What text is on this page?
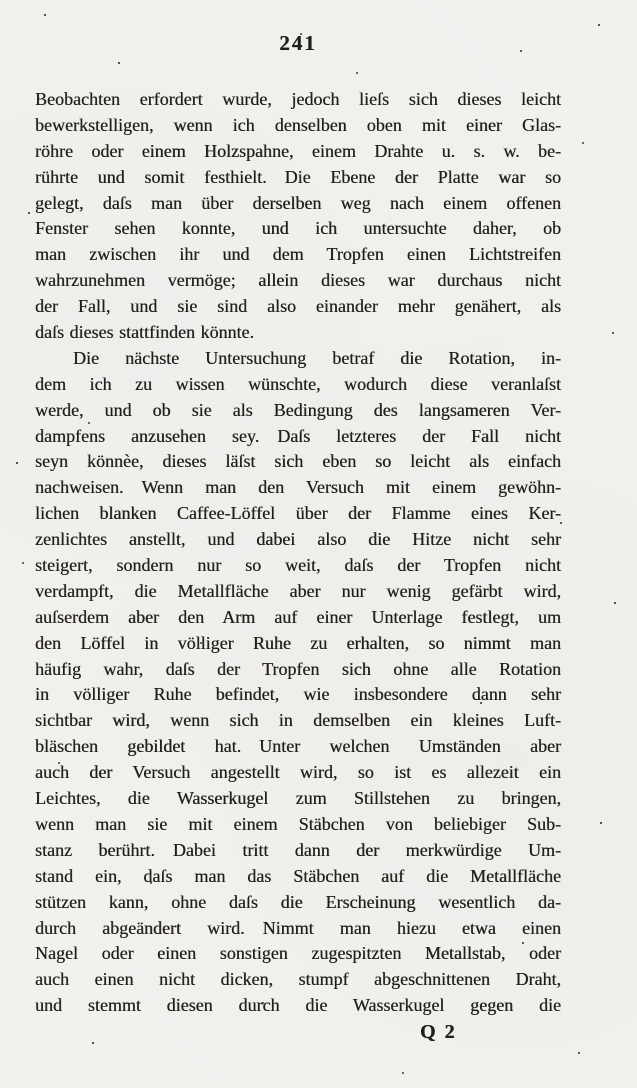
241
Beobachten erfordert wurde, jedoch lieſs sich dieses leicht
bewerkstelligen, wenn ich denselben oben mit einer Glas-
röhre oder einem Holzspahne, einem Drahte u. s. w. be-
rührte und somit festhielt. Die Ebene der Platte war so
gelegt, daſs man über derselben weg nach einem offenen
Fenster sehen konnte, und ich untersuchte daher, ob
man zwischen ihr und dem Tropfen einen Lichtstreifen
wahrzunehmen vermöge; allein dieses war durchaus nicht
der Fall, und sie sind also einander mehr genähert, als
daſs dieses stattfinden könnte.
Die nächste Untersuchung betraf die Rotation, in-
dem ich zu wissen wünschte, wodurch diese veranlaſst
werde, und ob sie als Bedingung des langsameren Ver-
dampfens anzusehen sey. Daſs letzteres der Fall nicht
seyn könnèe, dieses läſst sich eben so leicht als einfach
nachweisen. Wenn man den Versuch mit einem gewöhn-
lichen blanken Caffee-Löffel über der Flamme eines Ker-
zenlichtes anstellt, und dabei also die Hitze nicht sehr
steigert, sondern nur so weit, daſs der Tropfen nicht
verdampft, die Metallfläche aber nur wenig gefärbt wird,
auſserdem aber den Arm auf einer Unterlage festlegt, um
den Löffel in völliger Ruhe zu erhalten, so nimmt man
häufig wahr, daſs der Tropfen sich ohne alle Rotation
in völliger Ruhe befindet, wie insbesondere dann sehr
sichtbar wird, wenn sich in demselben ein kleines Luft-
bläschen gebildet hat. Unter welchen Umständen aber
auch der Versuch angestellt wird, so ist es allezeit ein
Leichtes, die Wasserkugel zum Stillstehen zu bringen,
wenn man sie mit einem Stäbchen von beliebiger Sub-
stanz berührt. Dabei tritt dann der merkwürdige Um-
stand ein, daſs man das Stäbchen auf die Metallfläche
stützen kann, ohne daſs die Erscheinung wesentlich da-
durch abgeändert wird. Nimmt man hiezu etwa einen
Nagel oder einen sonstigen zugespitzten Metallstab, oder
auch einen nicht dicken, stumpf abgeschnittenen Draht,
und stemmt diesen durch die Wasserkugel gegen die
Q 2
